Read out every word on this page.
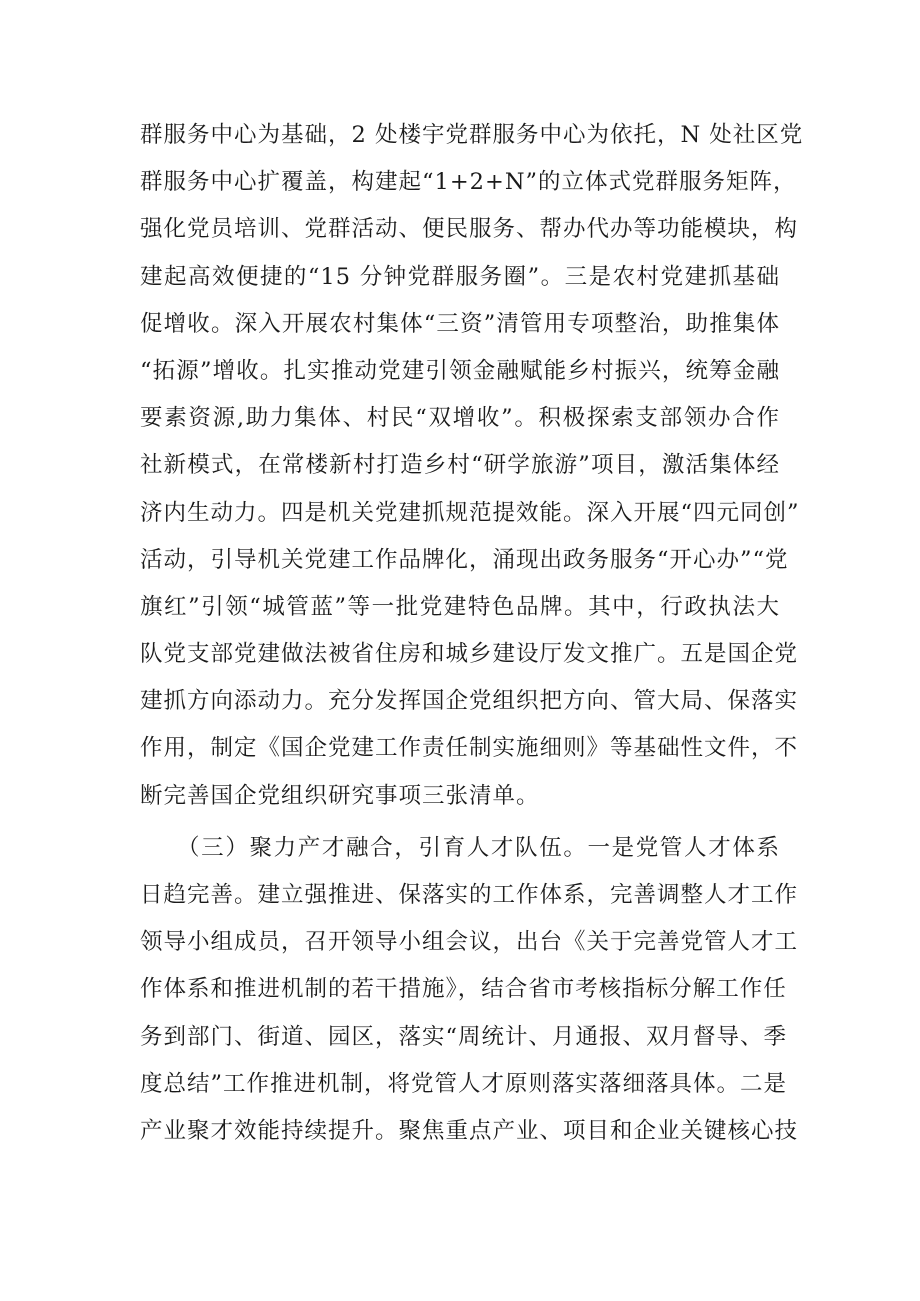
群服务中心为基础，2 处楼宇党群服务中心为依托，N 处社区党
群服务中心扩覆盖，构建起“1+2+N”的立体式党群服务矩阵，
强化党员培训、党群活动、便民服务、帮办代办等功能模块，构
建起高效便捷的“15 分钟党群服务圈”。三是农村党建抓基础
促增收。深入开展农村集体“三资”清管用专项整治，助推集体
“拓源”增收。扎实推动党建引领金融赋能乡村振兴，统筹金融
要素资源,助力集体、村民“双增收”。积极探索支部领办合作
社新模式，在常楼新村打造乡村“研学旅游”项目，激活集体经
济内生动力。四是机关党建抓规范提效能。深入开展“四元同创”
活动，引导机关党建工作品牌化，涌现出政务服务“开心办”“党
旗红”引领“城管蓝”等一批党建特色品牌。其中，行政执法大
队党支部党建做法被省住房和城乡建设厅发文推广。五是国企党
建抓方向添动力。充分发挥国企党组织把方向、管大局、保落实
作用，制定《国企党建工作责任制实施细则》等基础性文件，不
断完善国企党组织研究事项三张清单。
　　（三）聚力产才融合，引育人才队伍。一是党管人才体系
日趋完善。建立强推进、保落实的工作体系，完善调整人才工作
领导小组成员，召开领导小组会议，出台《关于完善党管人才工
作体系和推进机制的若干措施》，结合省市考核指标分解工作任
务到部门、街道、园区，落实“周统计、月通报、双月督导、季
度总结”工作推进机制，将党管人才原则落实落细落具体。二是
产业聚才效能持续提升。聚焦重点产业、项目和企业关键核心技
